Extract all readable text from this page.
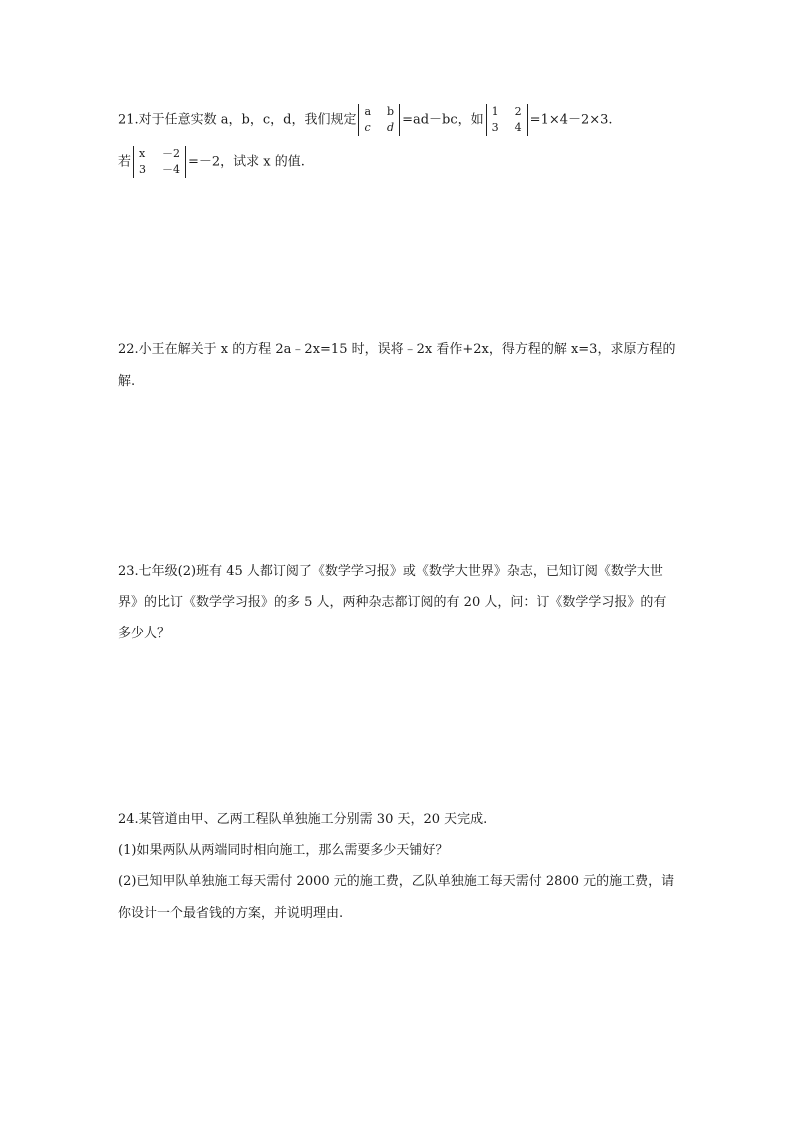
21.对于任意实数 a，b，c，d，我们规定
a	b
c	d =ad－bc，如
1	2
3	4 =1×4－2×3.
若
x	－2
3	－4 =－2，试求 x 的值.
22.小王在解关于 x 的方程 2a﹣2x=15 时，误将﹣2x 看作+2x，得方程的解 x=3，求原方程的
解.
23.七年级(2)班有 45 人都订阅了《数学学习报》或《数学大世界》杂志，已知订阅《数学大世
界》的比订《数学学习报》的多 5 人，两种杂志都订阅的有 20 人，问：订《数学学习报》的有
多少人？
24.某管道由甲、乙两工程队单独施工分别需 30 天，20 天完成.
(1)如果两队从两端同时相向施工，那么需要多少天铺好？
(2)已知甲队单独施工每天需付 2000 元的施工费，乙队单独施工每天需付 2800 元的施工费，请
你设计一个最省钱的方案，并说明理由.
